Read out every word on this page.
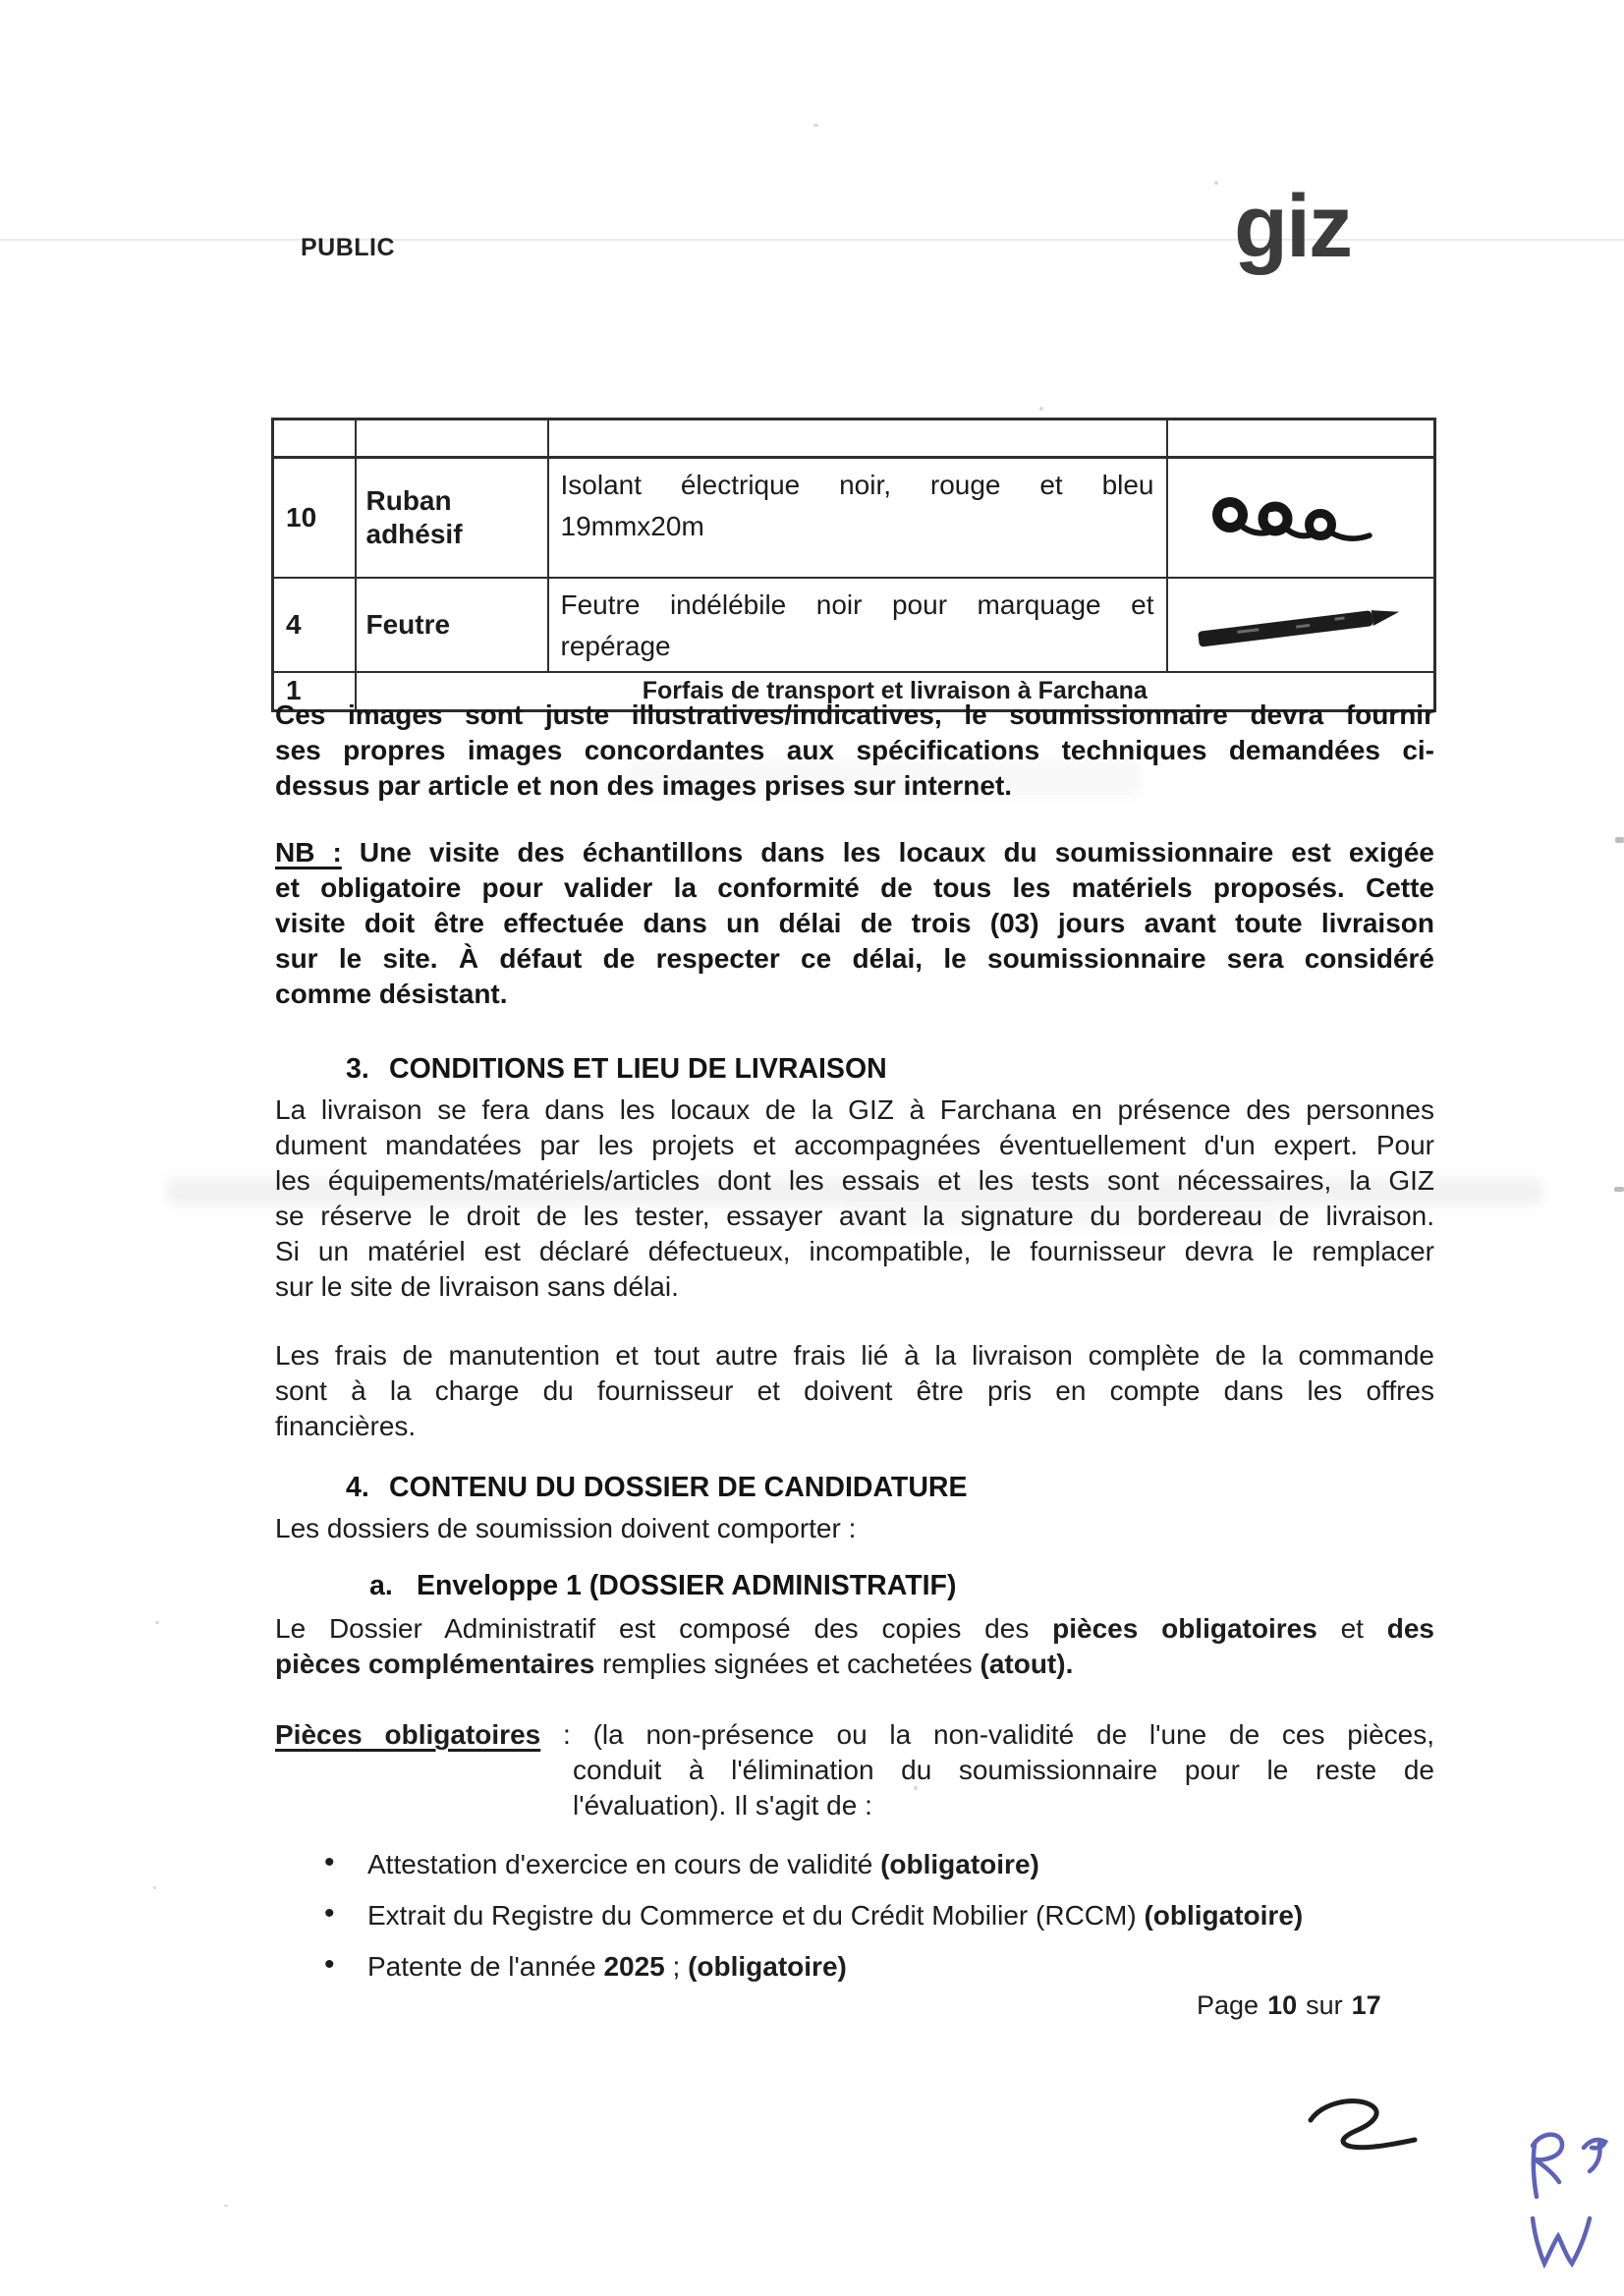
PUBLIC	giz

10	Ruban adhésif	Isolant électrique noir, rouge et bleu
19mmx20m

4	Feutre	Feutre indélébile noir pour marquage et
repérage

1	Forfais de transport et livraison à Farchana		
Ces images sont juste illustratives/indicatives, le soumissionnaire devra fournir
ses propres images concordantes aux spécifications techniques demandées ci-
dessus par article et non des images prises sur internet.
NB : Une visite des échantillons dans les locaux du soumissionnaire est exigée
et obligatoire pour valider la conformité de tous les matériels proposés. Cette
visite doit être effectuée dans un délai de trois (03) jours avant toute livraison
sur le site. À défaut de respecter ce délai, le soumissionnaire sera considéré
comme désistant.
3. CONDITIONS ET LIEU DE LIVRAISON
La livraison se fera dans les locaux de la GIZ à Farchana en présence des personnes
dument mandatées par les projets et accompagnées éventuellement d'un expert. Pour
les équipements/matériels/articles dont les essais et les tests sont nécessaires, la GIZ
se réserve le droit de les tester, essayer avant la signature du bordereau de livraison.
Si un matériel est déclaré défectueux, incompatible, le fournisseur devra le remplacer
sur le site de livraison sans délai.
Les frais de manutention et tout autre frais lié à la livraison complète de la commande
sont à la charge du fournisseur et doivent être pris en compte dans les offres
financières.
4. CONTENU DU DOSSIER DE CANDIDATURE
Les dossiers de soumission doivent comporter :
a. Enveloppe 1 (DOSSIER ADMINISTRATIF)
Le Dossier Administratif est composé des copies des pièces obligatoires et des
pièces complémentaires remplies signées et cachetées (atout).
Pièces obligatoires : (la non-présence ou la non-validité de l'une de ces pièces,
conduit à l'élimination du soumissionnaire pour le reste de
l'évaluation). Il s'agit de :
• Attestation d'exercice en cours de validité (obligatoire)
• Extrait du Registre du Commerce et du Crédit Mobilier (RCCM) (obligatoire)
• Patente de l'année 2025 ; (obligatoire)
Page 10 sur 17
